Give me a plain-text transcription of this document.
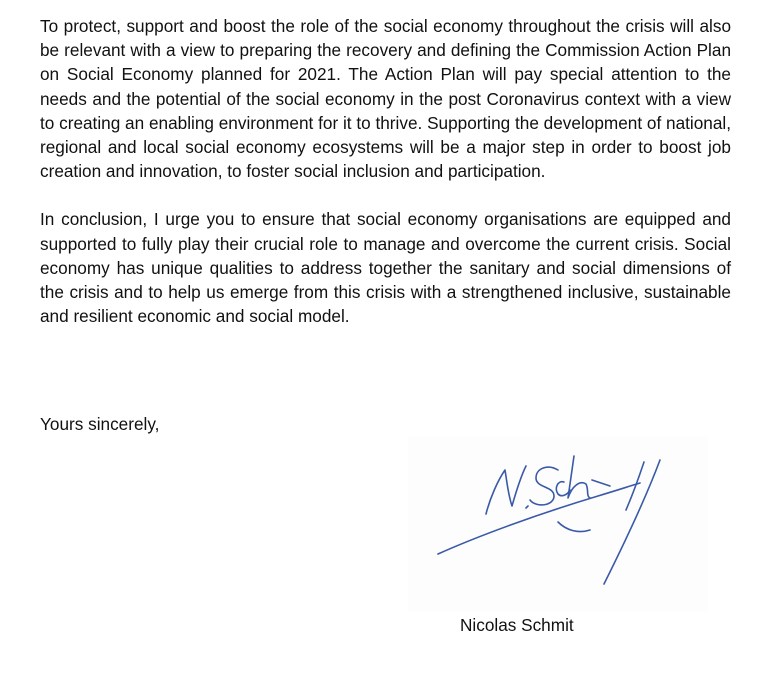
To protect, support and boost the role of the social economy throughout the crisis will also be relevant with a view to preparing the recovery and defining the Commission Action Plan on Social Economy planned for 2021. The Action Plan will pay special attention to the needs and the potential of the social economy in the post Coronavirus context with a view to creating an enabling environment for it to thrive. Supporting the development of national, regional and local social economy ecosystems will be a major step in order to boost job creation and innovation, to foster social inclusion and participation.

In conclusion, I urge you to ensure that social economy organisations are equipped and supported to fully play their crucial role to manage and overcome the current crisis. Social economy has unique qualities to address together the sanitary and social dimensions of the crisis and to help us emerge from this crisis with a strengthened inclusive, sustainable and resilient economic and social model.

Yours sincerely,

Nicolas Schmit
